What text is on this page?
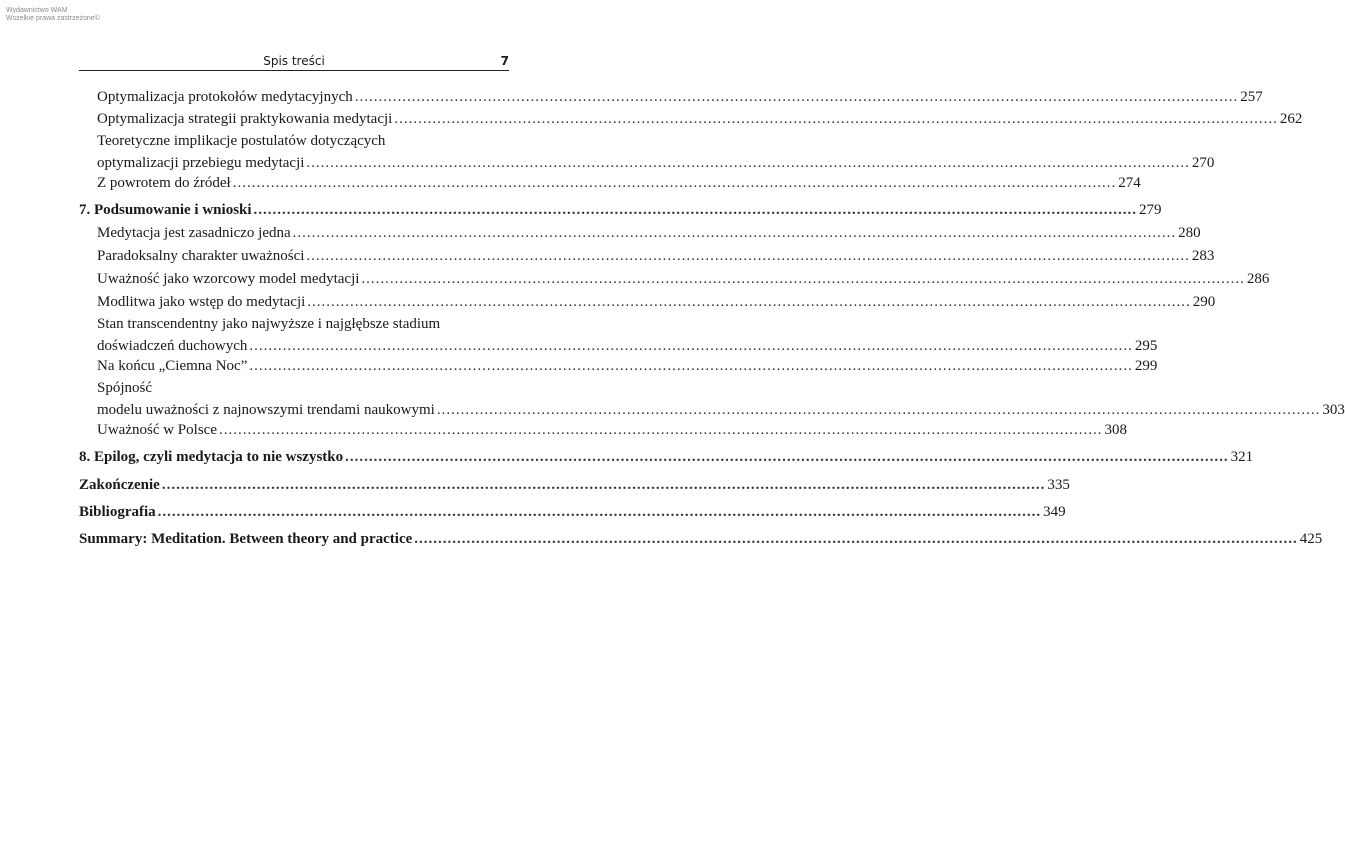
Wydawnictwo WAM
Wszelkie prawa zastrzeżone©
Spis treści	7
Optymalizacja protokołów medytacyjnych .....	257
Optymalizacja strategii praktykowania medytacji .....	262
Teoretyczne implikacje postulatów dotyczących
optymalizacji przebiegu medytacji .....	270
Z powrotem do źródeł .....	274
7. Podsumowanie i wnioski .....	279
Medytacja jest zasadniczo jedna .....	280
Paradoksalny charakter uważności .....	283
Uważność jako wzorcowy model medytacji .....	286
Modlitwa jako wstęp do medytacji .....	290
Stan transcendentny jako najwyższe i najgłębsze stadium
doświadczeń duchowych .....	295
Na końcu „Ciemna Noc” .....	299
Spójność
modelu uważności z najnowszymi trendami naukowymi .....	303
Uważność w Polsce .....	308
8. Epilog, czyli medytacja to nie wszystko .....	321
Zakończenie .....	335
Bibliografia .....	349
Summary: Meditation. Between theory and practice .....	425
